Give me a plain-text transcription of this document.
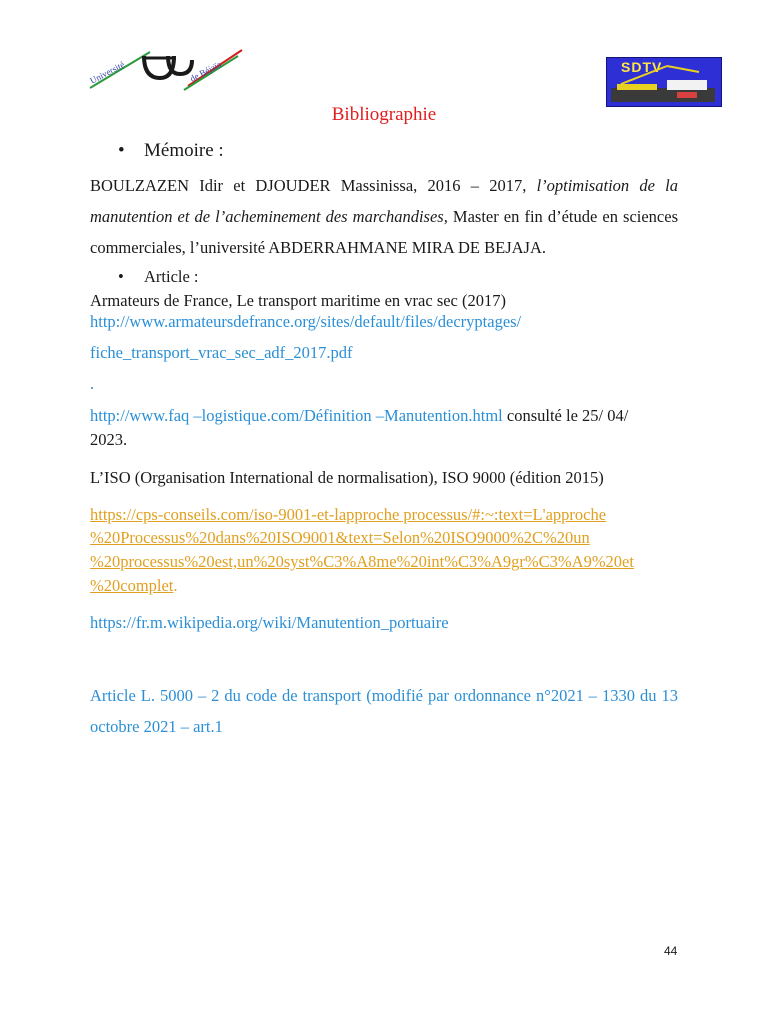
Université	de Béjaïa	SDTV
Bibliographie
•	Mémoire :
BOULZAZEN Idir et DJOUDER Massinissa, 2016 – 2017, l’optimisation de la manutention et de l’acheminement des marchandises, Master en fin d’étude en sciences commerciales, l’université ABDERRAHMANE MIRA DE BEJAJA.
•	Article :
Armateurs de France, Le transport maritime en vrac sec (2017)
http://www.armateursdefrance.org/sites/default/files/decryptages/
fiche_transport_vrac_sec_adf_2017.pdf
.
http://www.faq –logistique.com/Définition –Manutention.html consulté le 25/ 04/
2023.
L’ISO (Organisation International de normalisation), ISO 9000 (édition 2015)
https://cps-conseils.com/iso-9001-et-lapproche processus/#:~:text=L'approche
%20Processus%20dans%20ISO9001&text=Selon%20ISO9000%2C%20un
%20processus%20est,un%20syst%C3%A8me%20int%C3%A9gr%C3%A9%20et
%20complet.
https://fr.m.wikipedia.org/wiki/Manutention_portuaire
Article L. 5000 – 2 du code de transport (modifié par ordonnance n°2021 – 1330 du 13 octobre 2021 – art.1
44
